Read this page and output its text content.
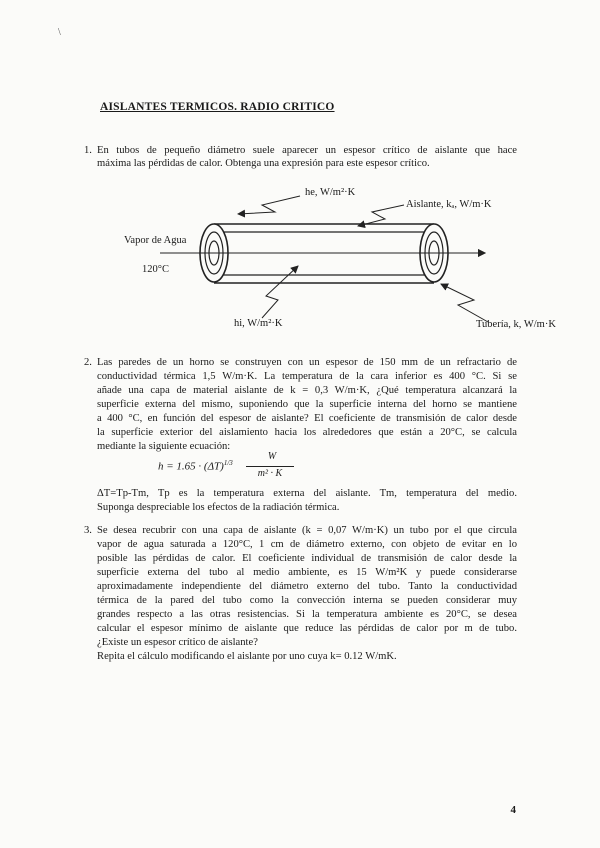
\
AISLANTES TERMICOS. RADIO CRITICO
1. En tubos de pequeño diámetro suele aparecer un espesor crítico de aislante que hace
máxima las pérdidas de calor. Obtenga una expresión para este espesor crítico.
he, W/m²·K
Aislante, kₐ, W/m·K
Vapor de Agua
120°C
hi, W/m²·K	Tubería, k, W/m·K
2. Las paredes de un horno se construyen con un espesor de 150 mm de un refractario de
conductividad térmica 1,5 W/m·K. La temperatura de la cara inferior es 400 °C. Si se
añade una capa de material aislante de k = 0,3 W/m·K, ¿Qué temperatura alcanzará la
superficie externa del mismo, suponiendo que la superficie interna del horno se mantiene
a 400 °C, en función del espesor de aislante? El coeficiente de transmisión de calor desde
la superficie exterior del aislamiento hacia los alrededores que están a 20°C, se calcula
mediante la siguiente ecuación:
$h = 1.65 \cdot (\Delta T)^{1/3}$
W
m² · K
ΔT=Tp-Tm, Tp es la temperatura externa del aislante. Tm, temperatura del medio.
Suponga despreciable los efectos de la radiación térmica.
3. Se desea recubrir con una capa de aislante (k = 0,07 W/m·K) un tubo por el que circula
vapor de agua saturada a 120°C, 1 cm de diámetro externo, con objeto de evitar en lo
posible las pérdidas de calor. El coeficiente individual de transmisión de calor desde la
superficie externa del tubo al medio ambiente, es 15 W/m²K y puede considerarse
aproximadamente independiente del diámetro externo del tubo. Tanto la conductividad
térmica de la pared del tubo como la convección interna se pueden considerar muy
grandes respecto a las otras resistencias. Si la temperatura ambiente es 20°C, se desea
calcular el espesor mínimo de aislante que reduce las pérdidas de calor por m de tubo.
¿Existe un espesor crítico de aislante?
Repita el cálculo modificando el aislante por uno cuya k= 0.12 W/mK.
4
